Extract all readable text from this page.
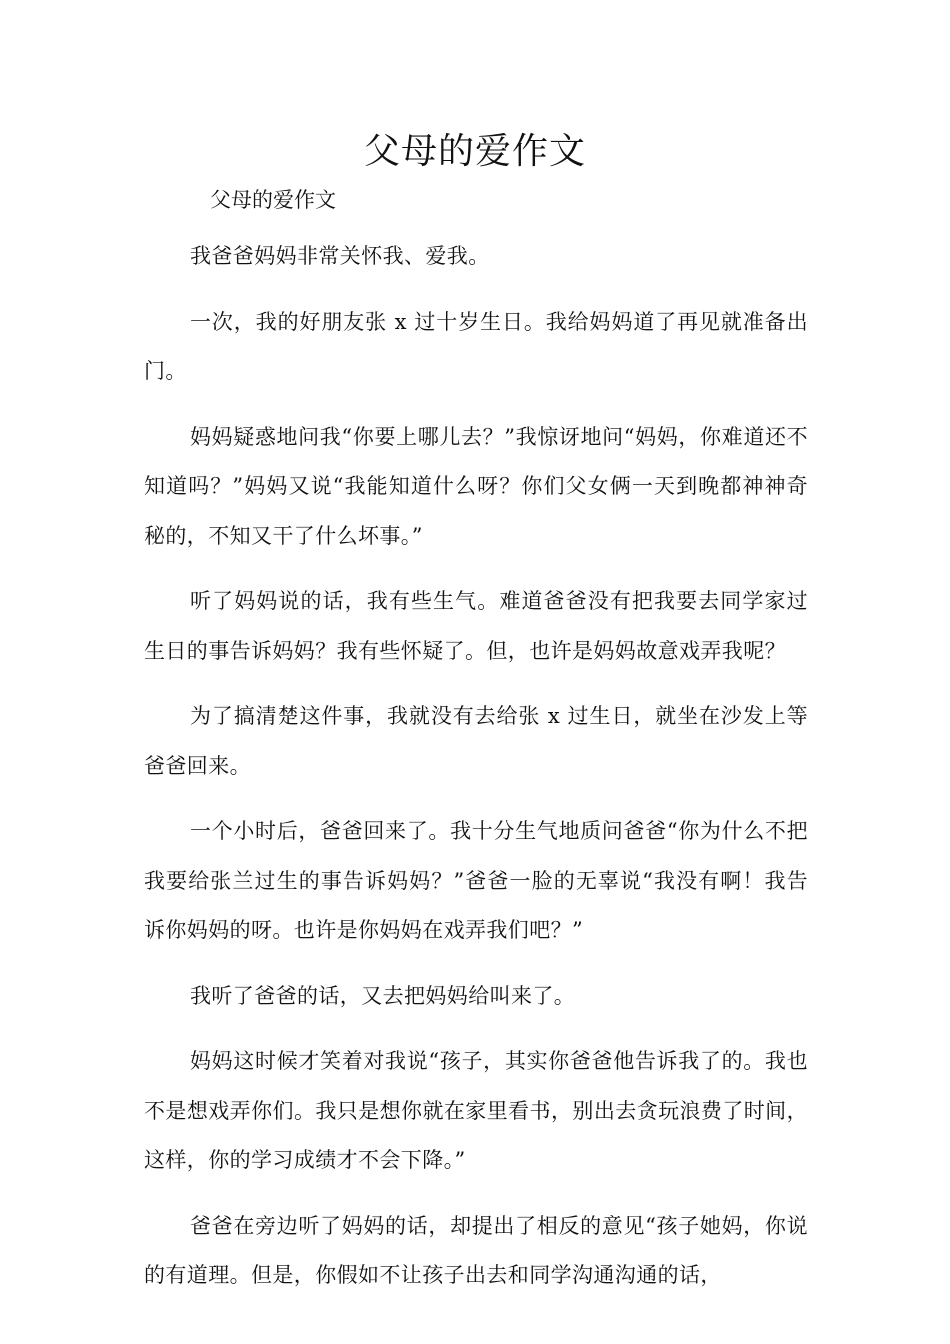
父母的爱作文
父母的爱作文

我爸爸妈妈非常关怀我、爱我。

一次，我的好朋友张 x 过十岁生日。我给妈妈道了再见就准备出门。

妈妈疑惑地问我“你要上哪儿去？”我惊讶地问“妈妈，你难道还不知道吗？”妈妈又说“我能知道什么呀？你们父女俩一天到晚都神神奇秘的，不知又干了什么坏事。”

听了妈妈说的话，我有些生气。难道爸爸没有把我要去同学家过生日的事告诉妈妈？我有些怀疑了。但，也许是妈妈故意戏弄我呢？

为了搞清楚这件事，我就没有去给张 x 过生日，就坐在沙发上等爸爸回来。

一个小时后，爸爸回来了。我十分生气地质问爸爸“你为什么不把我要给张兰过生的事告诉妈妈？”爸爸一脸的无辜说“我没有啊！我告诉你妈妈的呀。也许是你妈妈在戏弄我们吧？”

我听了爸爸的话，又去把妈妈给叫来了。

妈妈这时候才笑着对我说“孩子，其实你爸爸他告诉我了的。我也不是想戏弄你们。我只是想你就在家里看书，别出去贪玩浪费了时间，这样，你的学习成绩才不会下降。”

爸爸在旁边听了妈妈的话，却提出了相反的意见“孩子她妈，你说的有道理。但是，你假如不让孩子出去和同学沟通沟通的话，
